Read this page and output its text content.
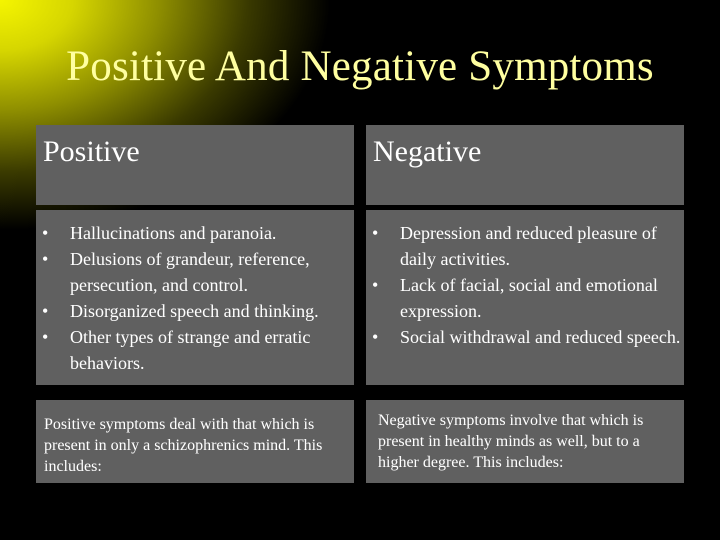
Positive And Negative Symptoms
Positive
• Hallucinations and paranoia.
• Delusions of grandeur, reference, persecution, and control.
• Disorganized speech and thinking.
• Other types of strange and erratic behaviors.
Positive symptoms deal with that which is present in only a schizophrenics mind. This includes:
Negative
• Depression and reduced pleasure of daily activities.
• Lack of facial, social and emotional expression.
• Social withdrawal and reduced speech.
Negative symptoms involve that which is present in healthy minds as well, but to a higher degree. This includes:
